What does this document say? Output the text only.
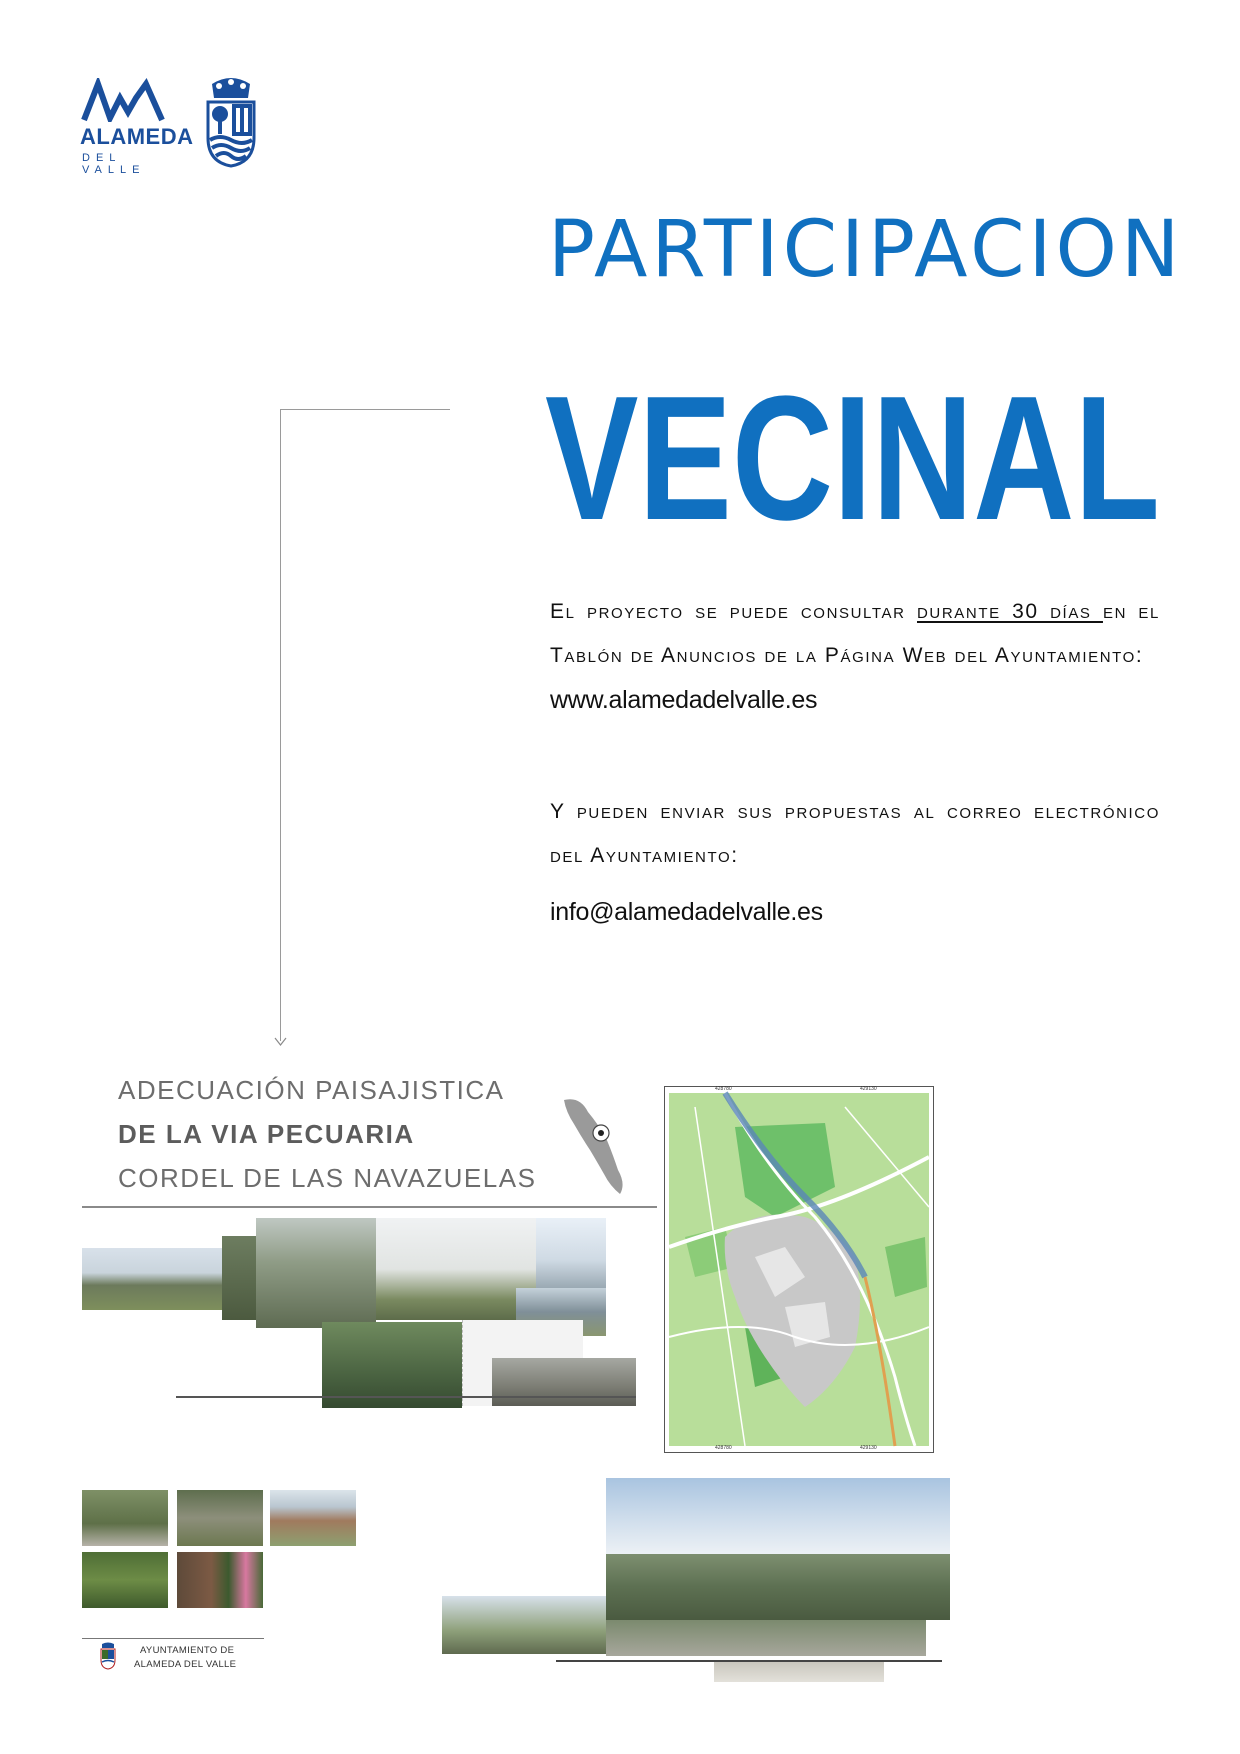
ALAMEDA
DEL VALLE
PARTICIPACION
VECINAL
El proyecto se puede consultar durante 30 días en el Tablón de Anuncios de la Página Web del Ayuntamiento:
www.alamedadelvalle.es
Y pueden enviar sus propuestas al correo electrónico del Ayuntamiento:
info@alamedadelvalle.es
ADECUACIÓN PAISAJISTICA
DE LA VIA PECUARIA
CORDEL DE LAS NAVAZUELAS
428780	429130
428780	429130
AYUNTAMIENTO DE
ALAMEDA DEL VALLE
